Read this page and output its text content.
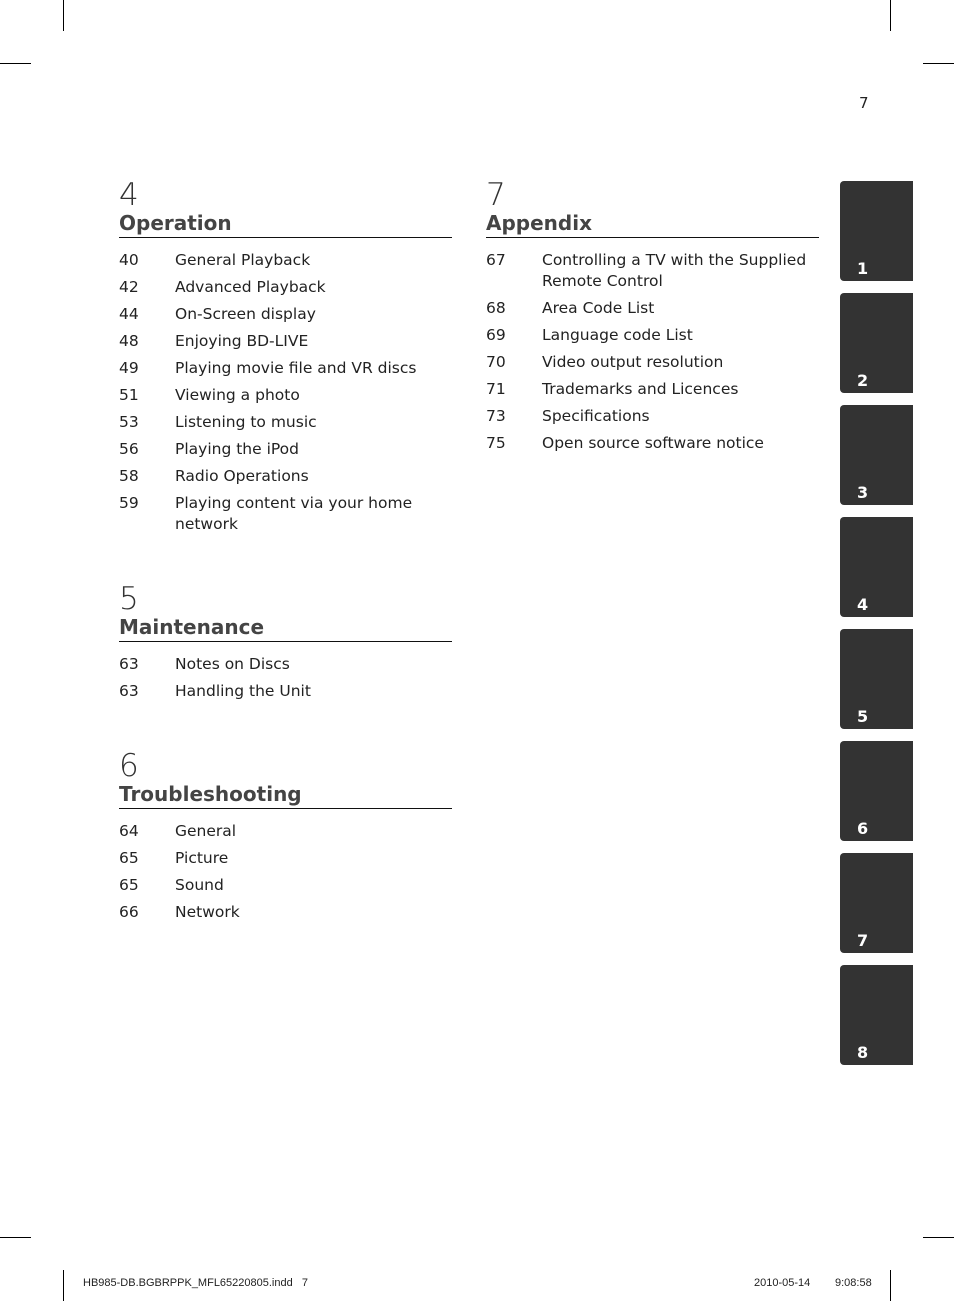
7
4
Operation
40	General Playback
42	Advanced Playback
44	On-Screen display
48	Enjoying BD-LIVE
49	Playing movie file and VR discs
51	Viewing a photo
53	Listening to music
56	Playing the iPod
58	Radio Operations
59	Playing content via your home network
5
Maintenance
63	Notes on Discs
63	Handling the Unit
6
Troubleshooting
64	General
65	Picture
65	Sound
66	Network
7
Appendix
67	Controlling a TV with the Supplied Remote Control
68	Area Code List
69	Language code List
70	Video output resolution
71	Trademarks and Licences
73	Specifications
75	Open source software notice
1
2
3
4
5
6
7
8
HB985-DB.BGBRPPK_MFL65220805.indd   7	2010-05-14 9:08:58
